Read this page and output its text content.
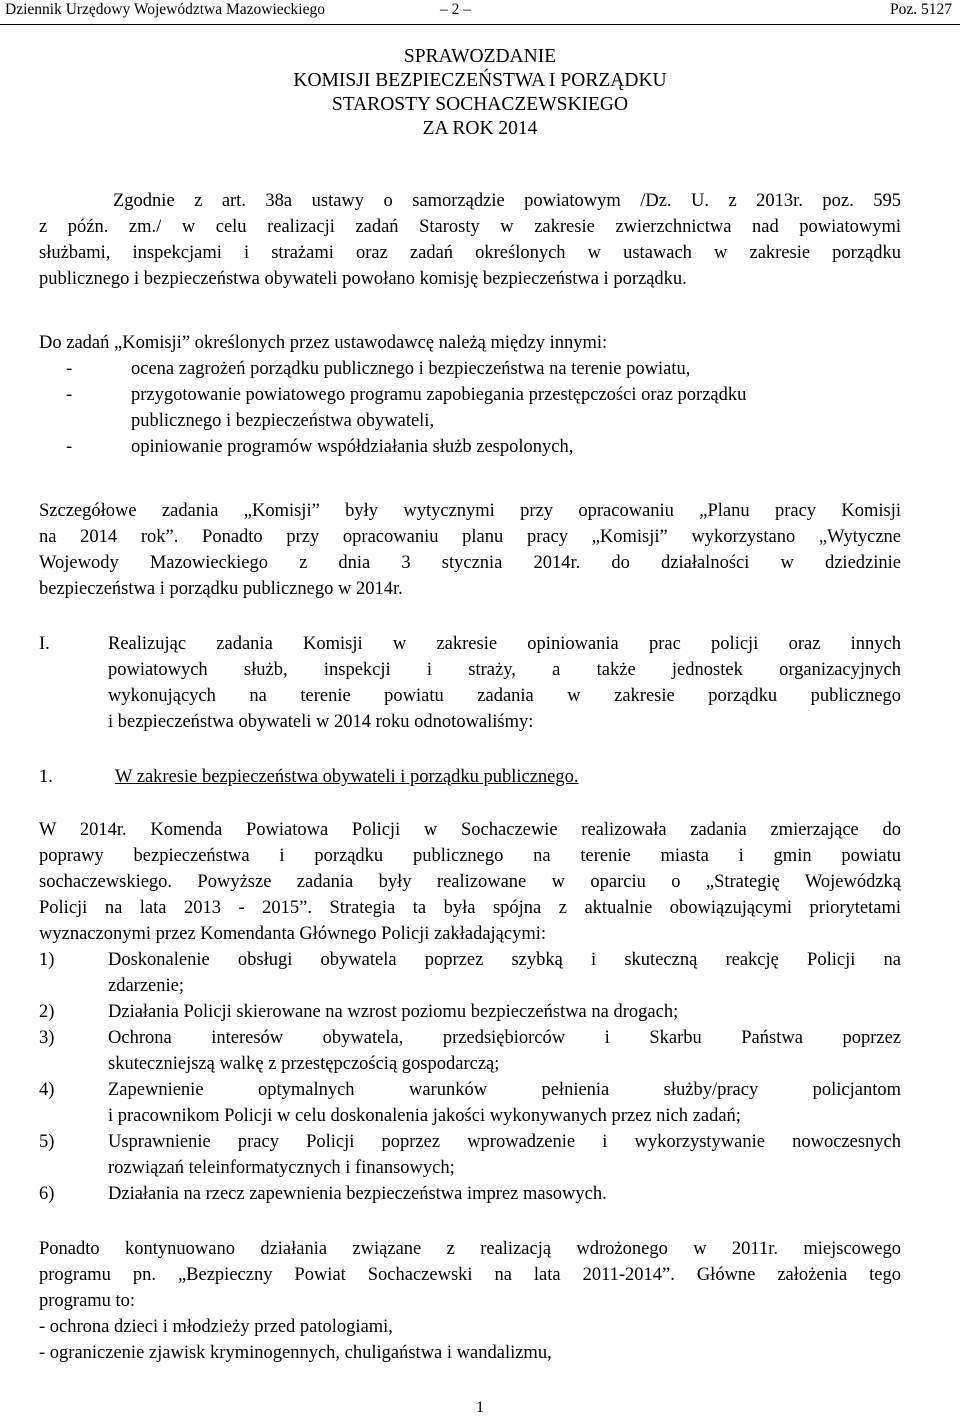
Dziennik Urzędowy Województwa Mazowieckiego	– 2 –	Poz. 5127
SPRAWOZDANIE
KOMISJI BEZPIECZEŃSTWA I PORZĄDKU
STAROSTY SOCHACZEWSKIEGO
ZA ROK 2014
Zgodnie z art. 38a ustawy o samorządzie powiatowym /Dz. U. z 2013r. poz. 595
z późn. zm./ w celu realizacji zadań Starosty w zakresie zwierzchnictwa nad powiatowymi
służbami, inspekcjami i strażami oraz zadań określonych w ustawach w zakresie porządku
publicznego i bezpieczeństwa obywateli powołano komisję bezpieczeństwa i porządku.
Do zadań „Komisji” określonych przez ustawodawcę należą między innymi:
-	ocena zagrożeń porządku publicznego i bezpieczeństwa na terenie powiatu,
-	przygotowanie powiatowego programu zapobiegania przestępczości oraz porządku
publicznego i bezpieczeństwa obywateli,
-	opiniowanie programów współdziałania służb zespolonych,
Szczegółowe zadania „Komisji” były wytycznymi przy opracowaniu „Planu pracy Komisji
na 2014 rok”. Ponadto przy opracowaniu planu pracy „Komisji” wykorzystano „Wytyczne
Wojewody Mazowieckiego z dnia 3 stycznia 2014r. do działalności w dziedzinie
bezpieczeństwa i porządku publicznego w 2014r.
I.	Realizując zadania Komisji w zakresie opiniowania prac policji oraz innych
powiatowych służb, inspekcji i straży, a także jednostek organizacyjnych
wykonujących na terenie powiatu zadania w zakresie porządku publicznego
i bezpieczeństwa obywateli w 2014 roku odnotowaliśmy:
1.	W zakresie bezpieczeństwa obywateli i porządku publicznego.
W 2014r. Komenda Powiatowa Policji w Sochaczewie realizowała zadania zmierzające do
poprawy bezpieczeństwa i porządku publicznego na terenie miasta i gmin powiatu
sochaczewskiego. Powyższe zadania były realizowane w oparciu o „Strategię Wojewódzką
Policji na lata 2013 - 2015”. Strategia ta była spójna z aktualnie obowiązującymi priorytetami
wyznaczonymi przez Komendanta Głównego Policji zakładającymi:
1)	Doskonalenie obsługi obywatela poprzez szybką i skuteczną reakcję Policji na
zdarzenie;
2)	Działania Policji skierowane na wzrost poziomu bezpieczeństwa na drogach;
3)	Ochrona interesów obywatela, przedsiębiorców i Skarbu Państwa poprzez
skuteczniejszą walkę z przestępczością gospodarczą;
4)	Zapewnienie optymalnych warunków pełnienia służby/pracy policjantom
i pracownikom Policji w celu doskonalenia jakości wykonywanych przez nich zadań;
5)	Usprawnienie pracy Policji poprzez wprowadzenie i wykorzystywanie nowoczesnych
rozwiązań teleinformatycznych i finansowych;
6)	Działania na rzecz zapewnienia bezpieczeństwa imprez masowych.
Ponadto kontynuowano działania związane z realizacją wdrożonego w 2011r. miejscowego
programu pn. „Bezpieczny Powiat Sochaczewski na lata 2011-2014”. Główne założenia tego
programu to:
- ochrona dzieci i młodzieży przed patologiami,
- ograniczenie zjawisk kryminogennych, chuligaństwa i wandalizmu,
1
